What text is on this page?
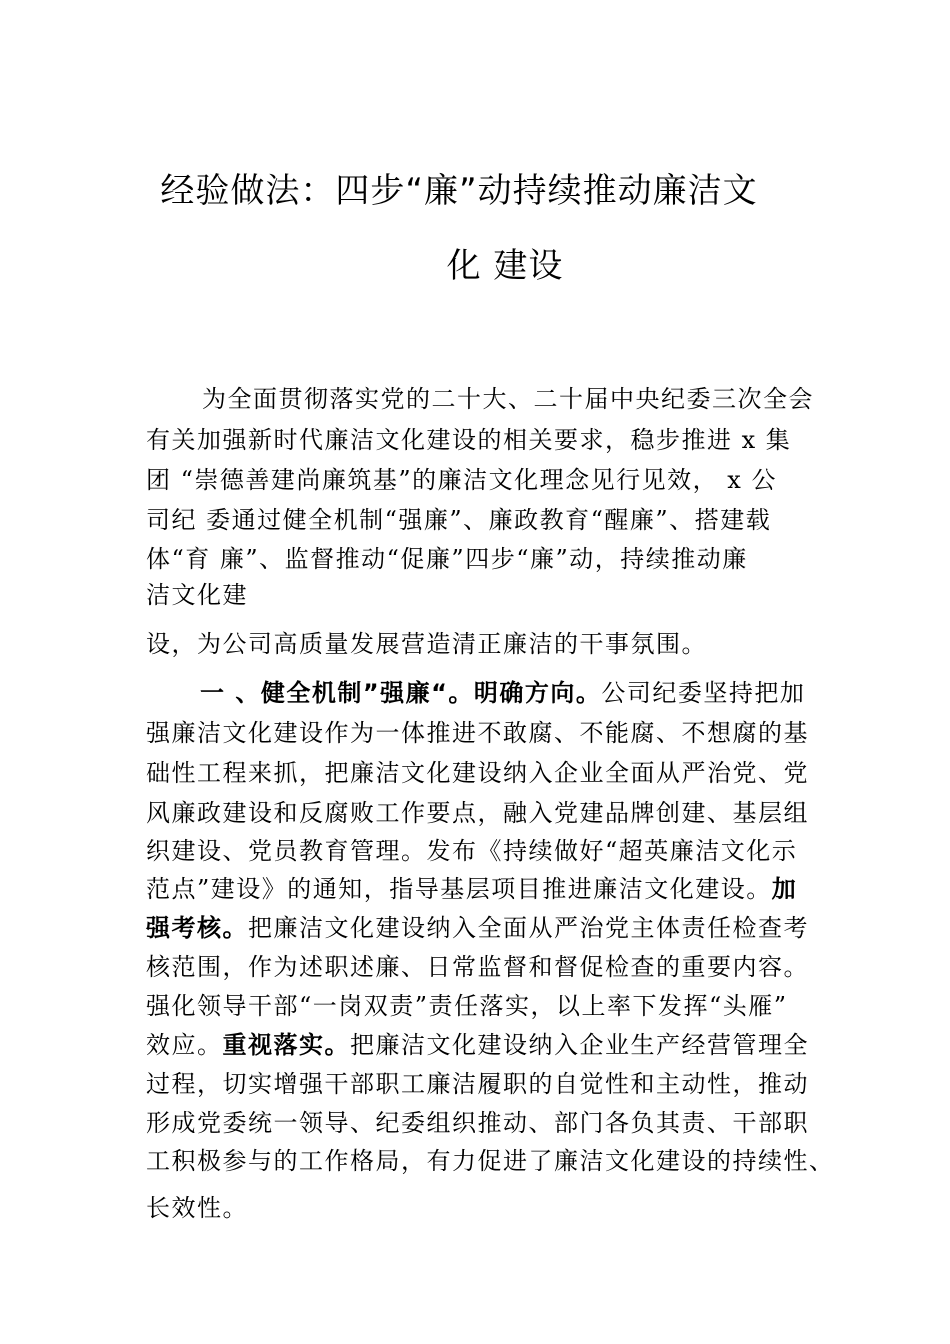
经验做法：四步“廉”动持续推动廉洁文
化 建设
为全面贯彻落实党的二十大、二十届中央纪委三次全会
有关加强新时代廉洁文化建设的相关要求，稳步推进 x 集
团 “崇德善建尚廉筑基”的廉洁文化理念见行见效， x 公
司纪 委通过健全机制“强廉”、廉政教育“醒廉”、搭建载
体“育 廉”、监督推动“促廉”四步“廉”动，持续推动廉
洁文化建
设，为公司高质量发展营造清正廉洁的干事氛围。
一 、健全机制”强廉“。明确方向。公司纪委坚持把加
强廉洁文化建设作为一体推进不敢腐、不能腐、不想腐的基
础性工程来抓，把廉洁文化建设纳入企业全面从严治党、党
风廉政建设和反腐败工作要点，融入党建品牌创建、基层组
织建设、党员教育管理。发布《持续做好“超英廉洁文化示
范点”建设》的通知，指导基层项目推进廉洁文化建设。加
强考核。把廉洁文化建设纳入全面从严治党主体责任检查考
核范围，作为述职述廉、日常监督和督促检查的重要内容。
强化领导干部“一岗双责”责任落实，以上率下发挥“头雁”
效应。重视落实。把廉洁文化建设纳入企业生产经营管理全
过程，切实增强干部职工廉洁履职的自觉性和主动性，推动
形成党委统一领导、纪委组织推动、部门各负其责、干部职
工积极参与的工作格局，有力促进了廉洁文化建设的持续性、
长效性。
